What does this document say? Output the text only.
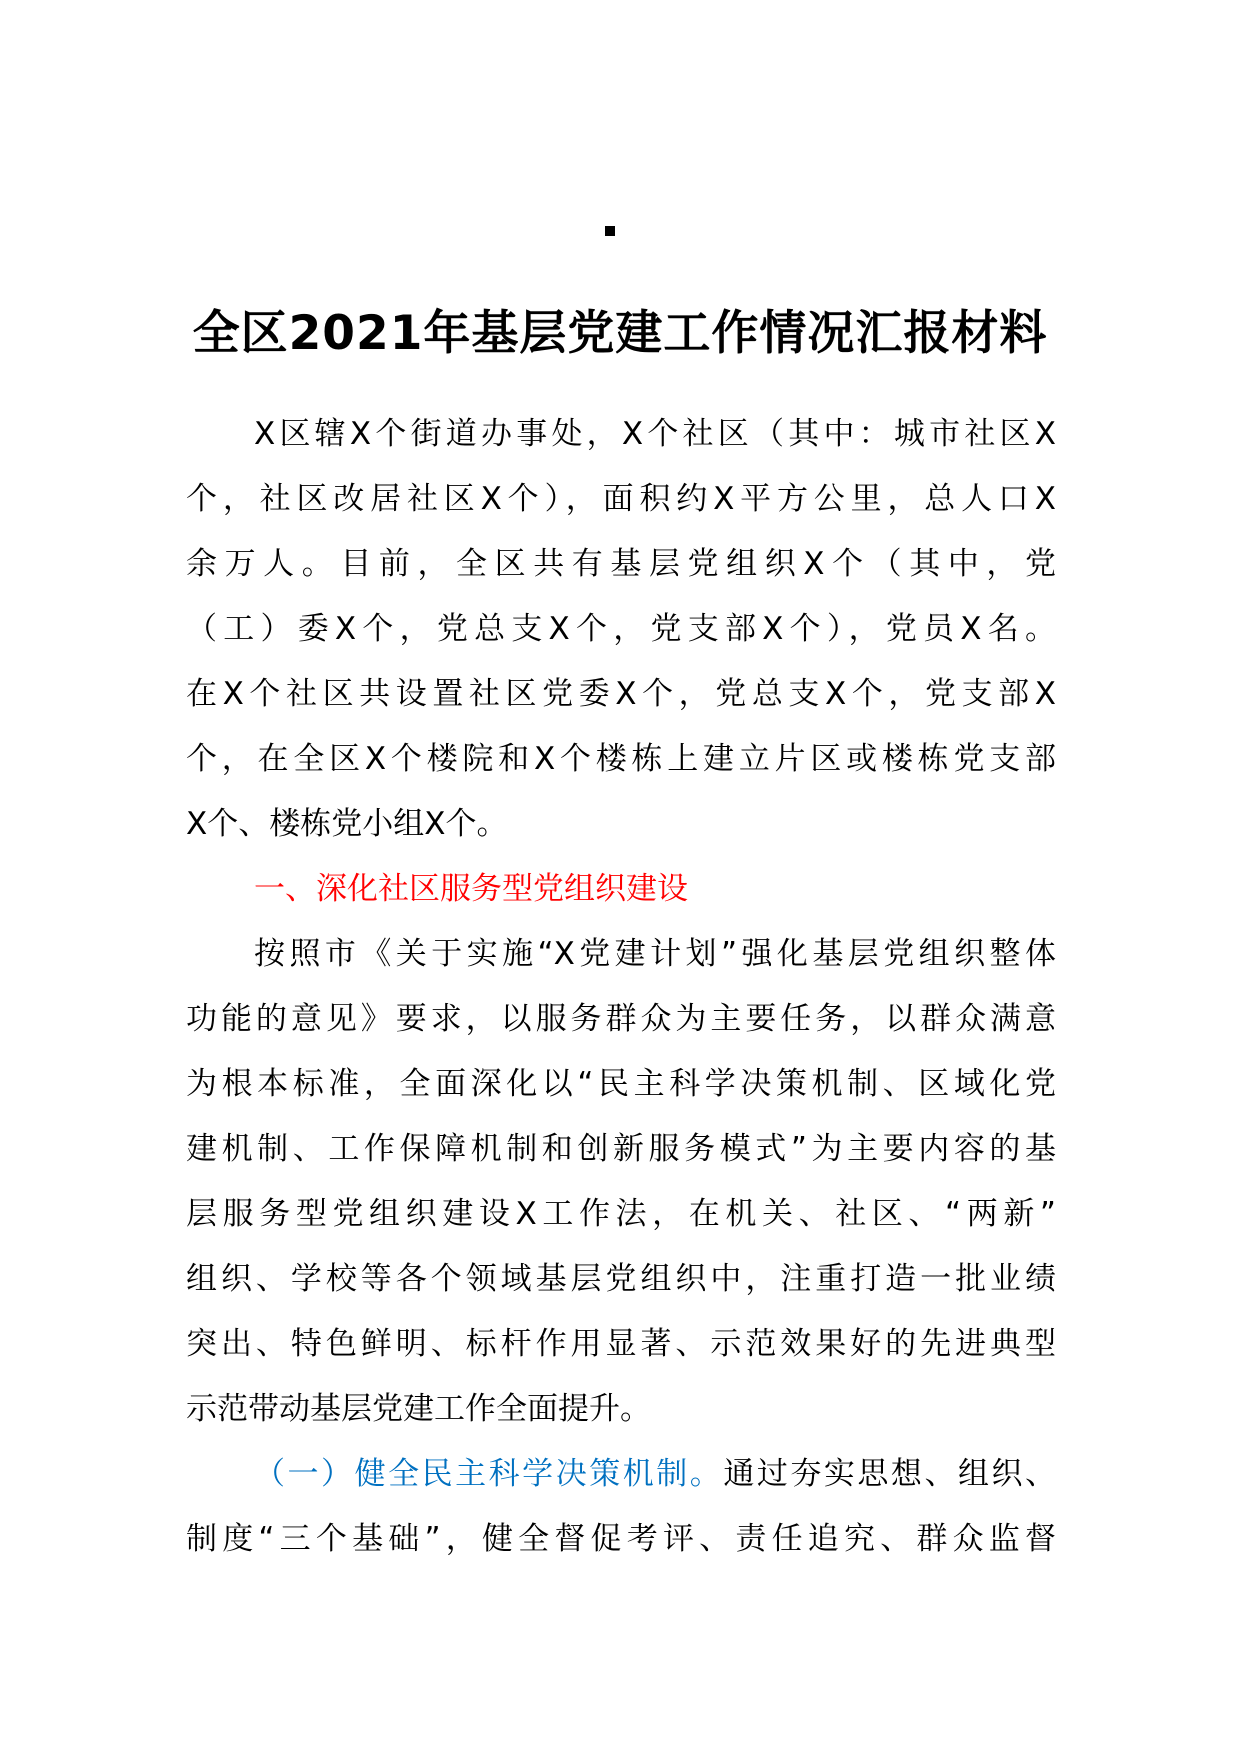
全区2021年基层党建工作情况汇报材料
X区辖X个街道办事处，X个社区（其中：城市社区X
个，社区改居社区X个），面积约X平方公里，总人口X
余万人。目前，全区共有基层党组织X个（其中，党
（工）委X个，党总支X个，党支部X个），党员X名。
在X个社区共设置社区党委X个，党总支X个，党支部X
个，在全区X个楼院和X个楼栋上建立片区或楼栋党支部
X个、楼栋党小组X个。
一、深化社区服务型党组织建设
按照市《关于实施“X党建计划”强化基层党组织整体
功能的意见》要求，以服务群众为主要任务，以群众满意
为根本标准，全面深化以“民主科学决策机制、区域化党
建机制、工作保障机制和创新服务模式”为主要内容的基
层服务型党组织建设X工作法，在机关、社区、“两新”
组织、学校等各个领域基层党组织中，注重打造一批业绩
突出、特色鲜明、标杆作用显著、示范效果好的先进典型
示范带动基层党建工作全面提升。
（一）健全民主科学决策机制。通过夯实思想、组织、
制度“三个基础”，健全督促考评、责任追究、群众监督
